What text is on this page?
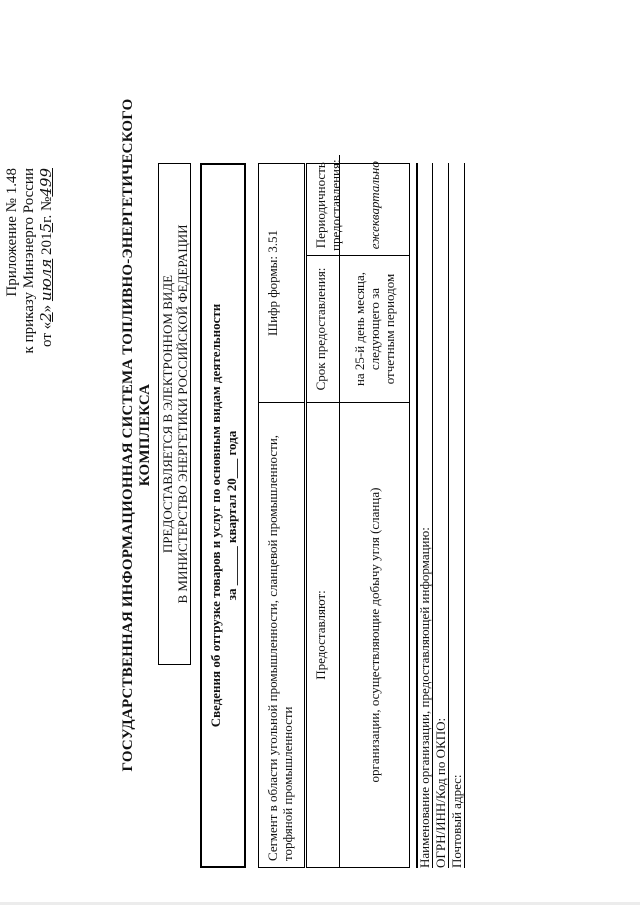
Приложение № 1.48 к приказу Минэнерго России от «2» июля 2015г. №499	ГОСУДАРСТВЕННАЯ ИНФОРМАЦИОННАЯ СИСТЕМА ТОПЛИВНО-ЭНЕРГЕТИЧЕСКОГО КОМПЛЕКСА ПРЕДОСТАВЛЯЕТСЯ В ЭЛЕКТРОННОМ ВИДЕ В МИНИСТЕРСТВО ЭНЕРГЕТИКИ РОССИЙСКОЙ ФЕДЕРАЦИИ Сведения об отгрузке товаров и услуг по основным видам деятельности за ______ квартал 20___ года	Сегмент в области угольной промышленности, сланцевой промышленности, торфяной промышленности
Шифр формы: 3.51
Предоставляют:
Срок предоставления:
Периодичность предоставления:
организации, осуществляющие добычу угля (сланца)
на 25-й день месяца, следующего за отчетным периодом
ежеквартально
Наименование организации, предоставляющей информацию: ОГРН/ИНН/Код по ОКПО: Почтовый адрес:
